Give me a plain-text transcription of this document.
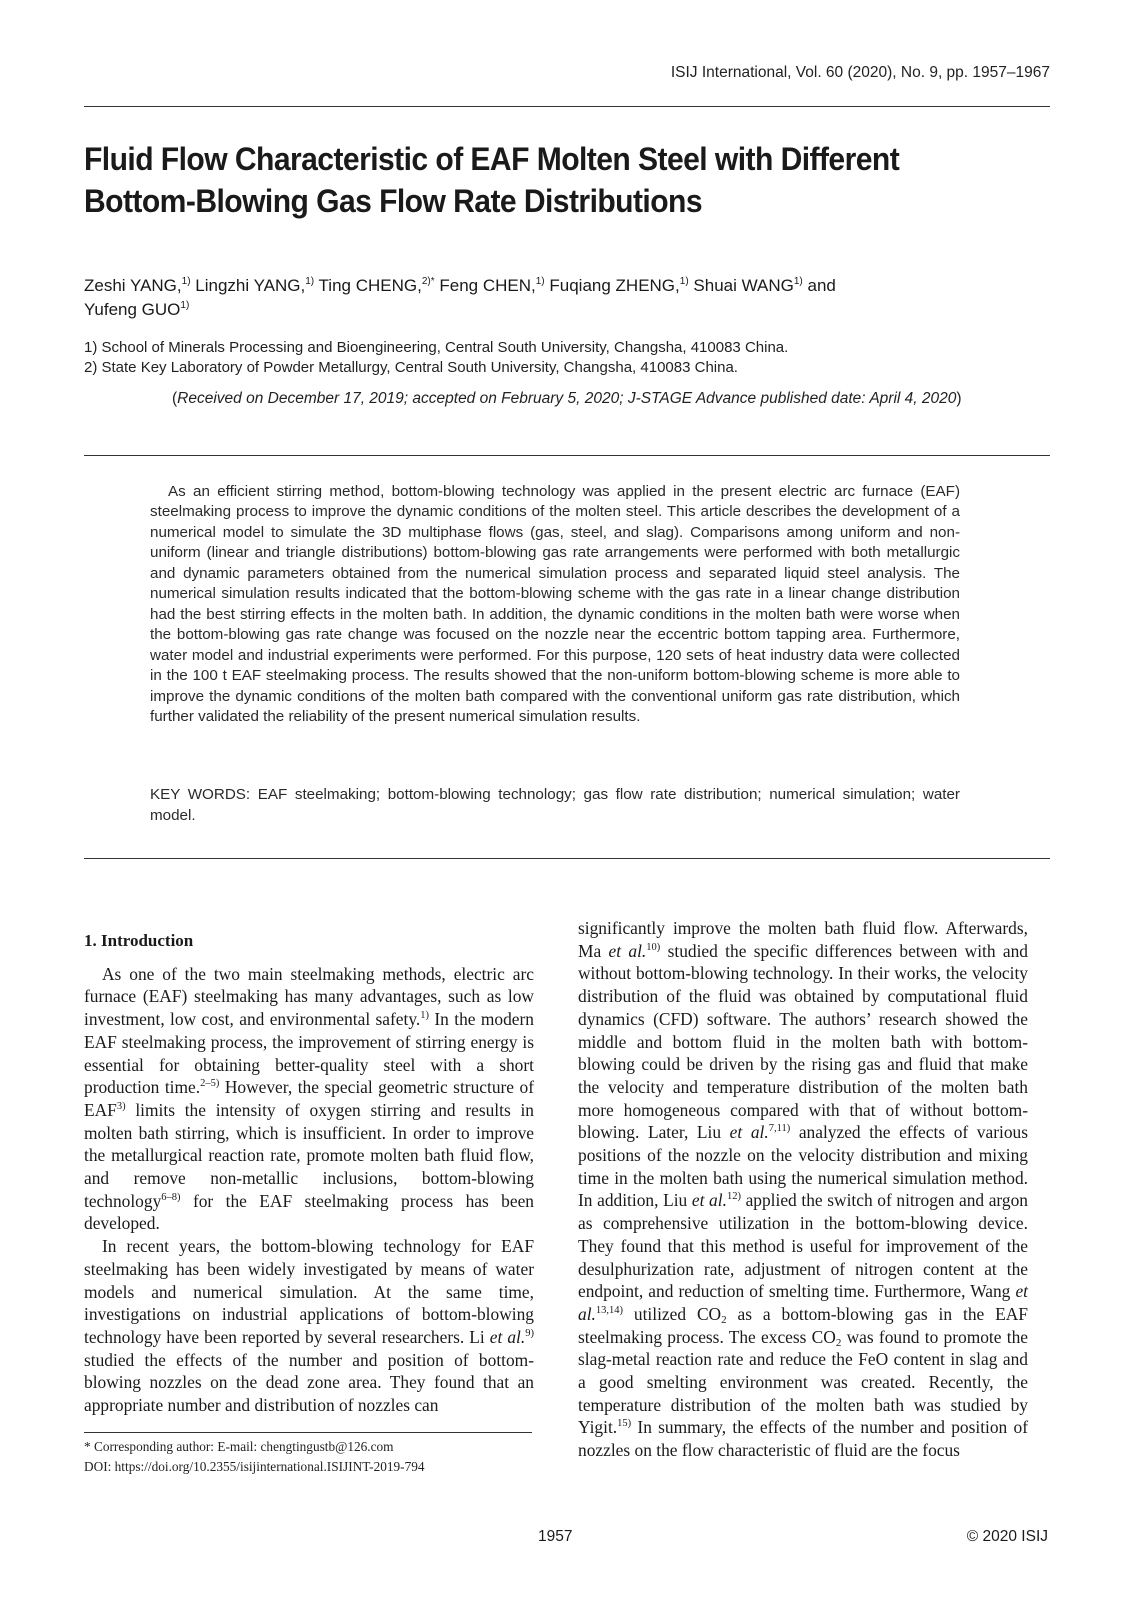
ISIJ International, Vol. 60 (2020), No. 9, pp. 1957–1967
Fluid Flow Characteristic of EAF Molten Steel with Different
Bottom-Blowing Gas Flow Rate Distributions
Zeshi YANG,$^{1)}$ Lingzhi YANG,$^{1)}$ Ting CHENG,$^{2)*}$ Feng CHEN,$^{1)}$ Fuqiang ZHENG,$^{1)}$ Shuai WANG$^{1)}$ and
Yufeng GUO$^{1)}$
1) School of Minerals Processing and Bioengineering, Central South University, Changsha, 410083 China.
2) State Key Laboratory of Powder Metallurgy, Central South University, Changsha, 410083 China.
(Received on December 17, 2019; accepted on February 5, 2020; J-STAGE Advance published date: April 4, 2020)

As an efficient stirring method, bottom-blowing technology was applied in the present electric arc furnace (EAF) steelmaking process to improve the dynamic conditions of the molten steel. This article describes the development of a numerical model to simulate the 3D multiphase flows (gas, steel, and slag). Comparisons among uniform and non-uniform (linear and triangle distributions) bottom-blowing gas rate arrangements were performed with both metallurgic and dynamic parameters obtained from the numerical simulation process and separated liquid steel analysis. The numerical simulation results indicated that the bottom-blowing scheme with the gas rate in a linear change distribution had the best stirring effects in the molten bath. In addition, the dynamic conditions in the molten bath were worse when the bottom-blowing gas rate change was focused on the nozzle near the eccentric bottom tapping area. Furthermore, water model and industrial experiments were performed. For this purpose, 120 sets of heat industry data were collected in the 100 t EAF steelmaking process. The results showed that the non-uniform bottom-blowing scheme is more able to improve the dynamic conditions of the molten bath compared with the conventional uniform gas rate distribution, which further validated the reliability of the present numerical simulation results.

KEY WORDS: EAF steelmaking; bottom-blowing technology; gas flow rate distribution; numerical simulation; water model.
1. Introduction

As one of the two main steelmaking methods, electric arc furnace (EAF) steelmaking has many advantages, such as low investment, low cost, and environmental safety.$^{1)}$ In the modern EAF steelmaking process, the improvement of stirring energy is essential for obtaining better-quality steel with a short production time.$^{2-5)}$ However, the special geometric structure of EAF$^{3)}$ limits the intensity of oxygen stirring and results in molten bath stirring, which is insufficient. In order to improve the metallurgical reaction rate, promote molten bath fluid flow, and remove non-metallic inclusions, bottom-blowing technology$^{6-8)}$ for the EAF steelmaking process has been developed.

In recent years, the bottom-blowing technology for EAF steelmaking has been widely investigated by means of water models and numerical simulation. At the same time, investigations on industrial applications of bottom-blowing technology have been reported by several researchers. Li et al.$^{9)}$ studied the effects of the number and position of bottom-blowing nozzles on the dead zone area. They found that an appropriate number and distribution of nozzles can

significantly improve the molten bath fluid flow. Afterwards, Ma et al.$^{10)}$ studied the specific differences between with and without bottom-blowing technology. In their works, the velocity distribution of the fluid was obtained by computational fluid dynamics (CFD) software. The authors’ research showed the middle and bottom fluid in the molten bath with bottom-blowing could be driven by the rising gas and fluid that make the velocity and temperature distribution of the molten bath more homogeneous compared with that of without bottom-blowing. Later, Liu et al.$^{7,11)}$ analyzed the effects of various positions of the nozzle on the velocity distribution and mixing time in the molten bath using the numerical simulation method. In addition, Liu et al.$^{12)}$ applied the switch of nitrogen and argon as comprehensive utilization in the bottom-blowing device. They found that this method is useful for improvement of the desulphurization rate, adjustment of nitrogen content at the endpoint, and reduction of smelting time. Furthermore, Wang et al.$^{13,14)}$ utilized $CO_2$ as a bottom-blowing gas in the EAF steelmaking process. The excess $CO_2$ was found to promote the slag-metal reaction rate and reduce the FeO content in slag and a good smelting environment was created. Recently, the temperature distribution of the molten bath was studied by Yigit.$^{15)}$ In summary, the effects of the number and position of nozzles on the flow characteristic of fluid are the focus

* Corresponding author: E-mail: chengtingustb@126.com
DOI: https://doi.org/10.2355/isijinternational.ISIJINT-2019-794
1957	© 2020 ISIJ
